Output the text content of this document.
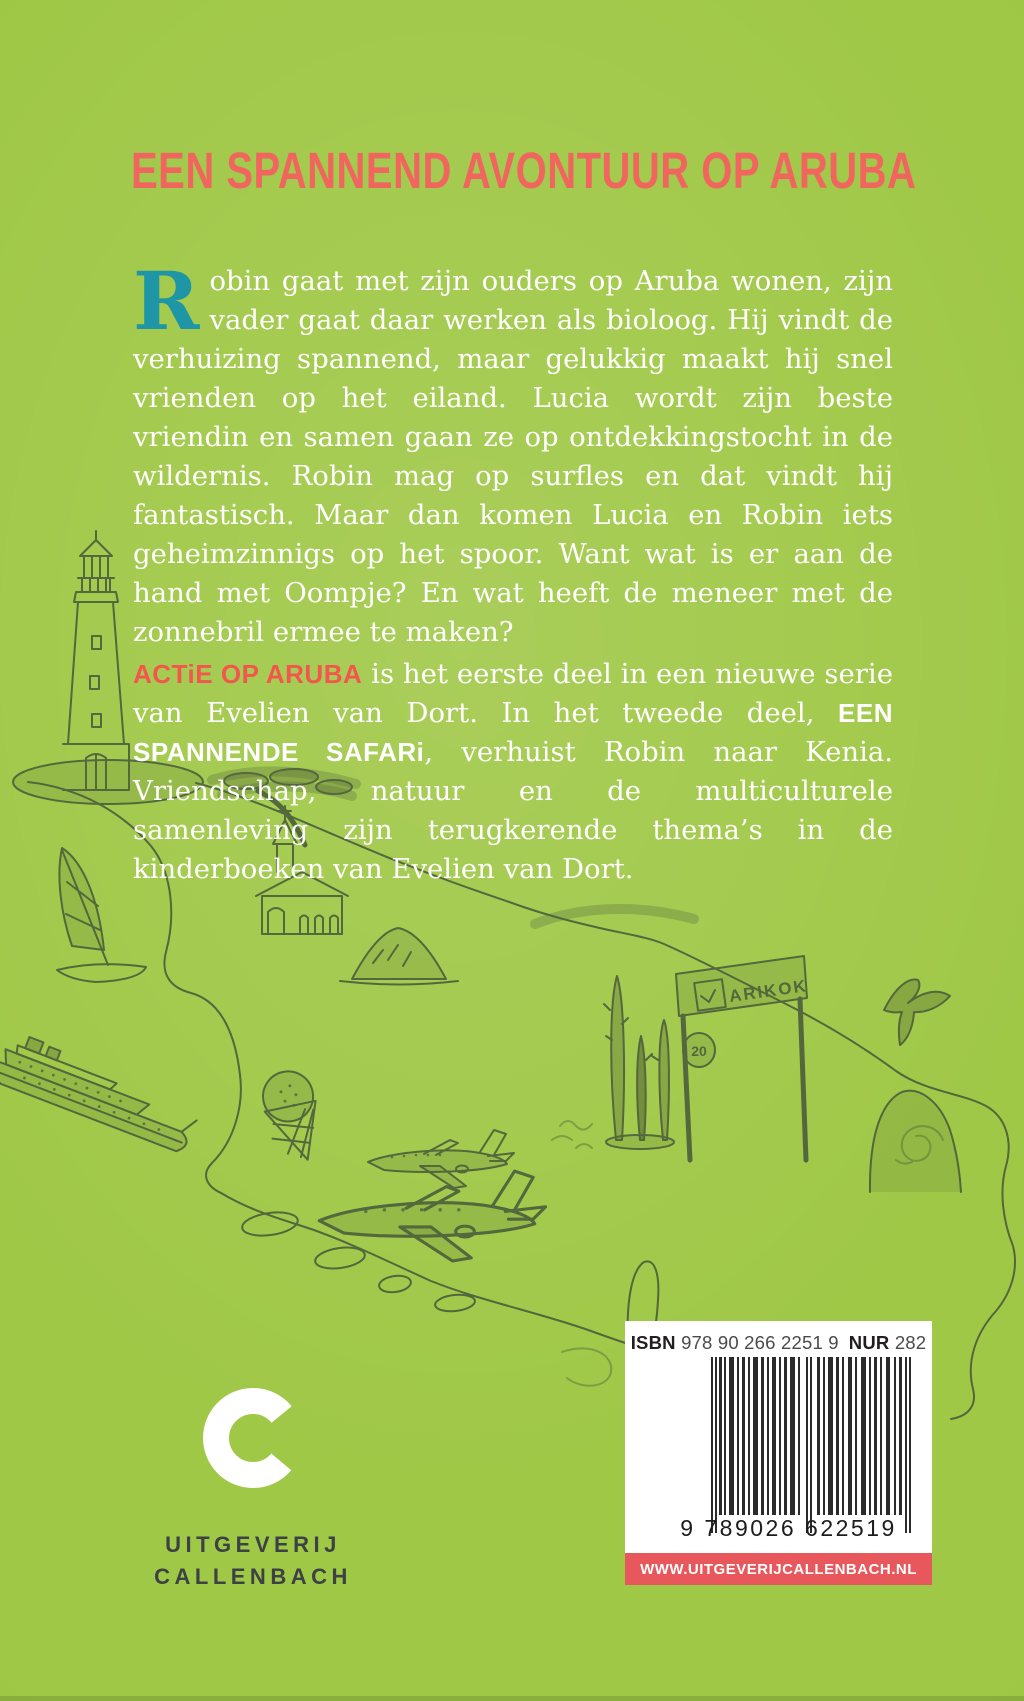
ARIKOK
20
EEN SPANNEND AVONTUUR OP ARUBA

Robin gaat met zijn ouders op Aruba wonen, zijn vader gaat daar werken als bioloog. Hij vindt de verhuizing spannend, maar gelukkig maakt hij snel vrienden op het eiland. Lucia wordt zijn beste vriendin en samen gaan ze op ontdekkingstocht in de wildernis. Robin mag op surfles en dat vindt hij fantastisch. Maar dan komen Lucia en Robin iets geheimzinnigs op het spoor. Want wat is er aan de hand met Oompje? En wat heeft de meneer met de zonnebril ermee te maken?

ACTiE OP ARUBA is het eerste deel in een nieuwe serie van Evelien van Dort. In het tweede deel, EEN SPANNENDE SAFARi, verhuist Robin naar Kenia. Vriendschap, natuur en de multiculturele samenleving zijn terugkerende thema’s in de kinderboeken van Evelien van Dort.

UITGEVERIJ
CALLENBACH
ISBN 978 90 266 2251 9 NUR 282
9 789026 622519
WWW.UITGEVERIJCALLENBACH.NL
